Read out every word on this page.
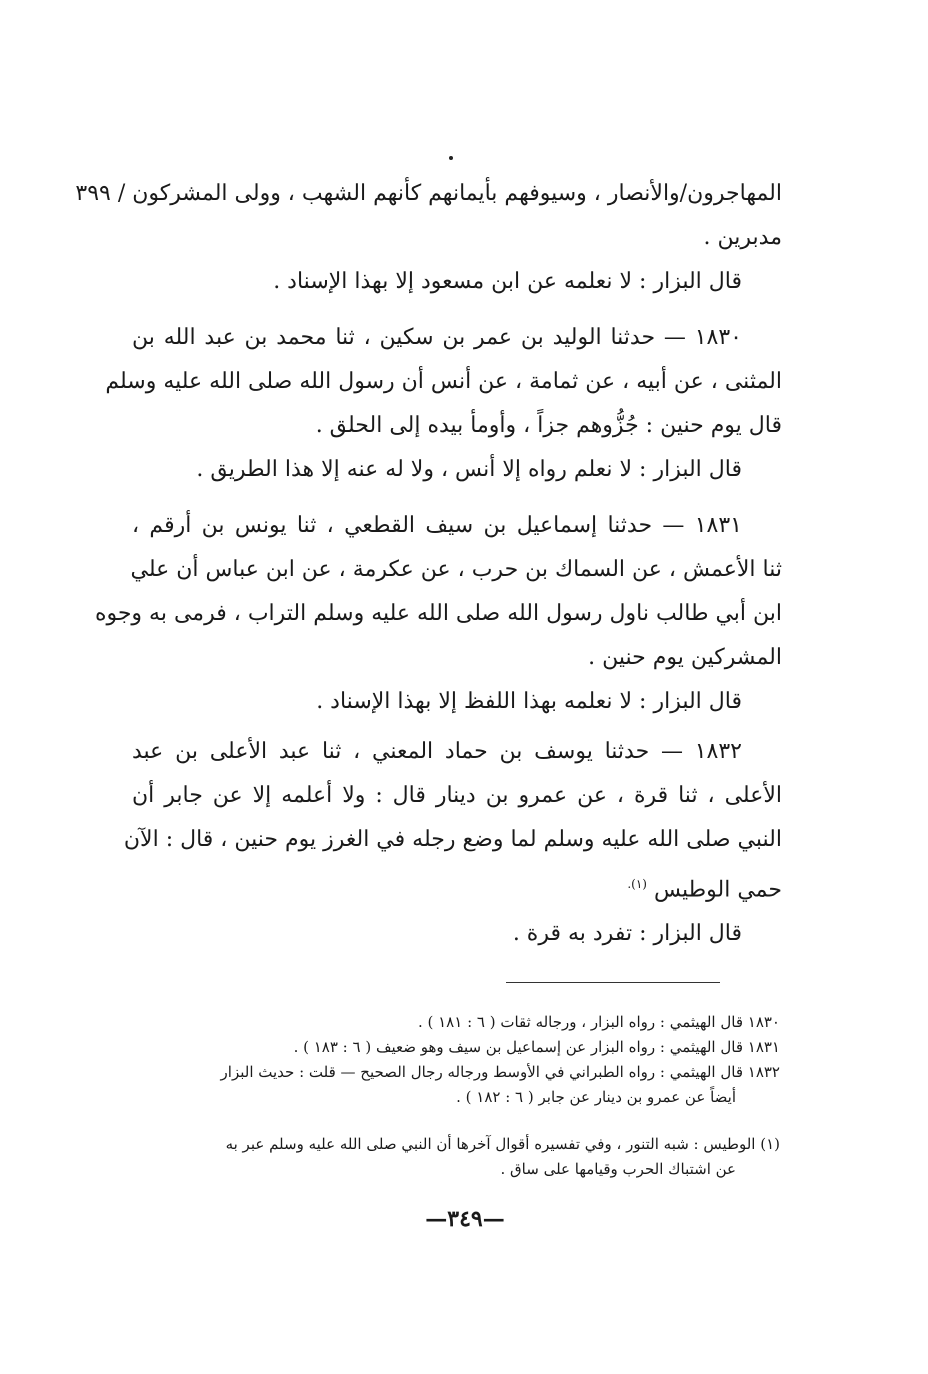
المهاجرون/والأنصار ، وسيوفهم بأيمانهم كأنهم الشهب ، وولى المشركون / ٣٩٩
مدبرين .
قال البزار : لا نعلمه عن ابن مسعود إلا بهذا الإسناد .
١٨٣٠ — حدثنا الوليد بن عمر بن سكين ، ثنا محمد بن عبد الله بن
المثنى ، عن أبيه ، عن ثمامة ، عن أنس أن رسول الله صلى الله عليه وسلم
قال يوم حنين : جُزُّوهم جزاً ، وأومأ بيده إلى الحلق .
قال البزار : لا نعلم رواه إلا أنس ، ولا له عنه إلا هذا الطريق .
١٨٣١ — حدثنا إسماعيل بن سيف القطعي ، ثنا يونس بن أرقم ،
ثنا الأعمش ، عن السماك بن حرب ، عن عكرمة ، عن ابن عباس أن علي
ابن أبي طالب ناول رسول الله صلى الله عليه وسلم التراب ، فرمى به وجوه
المشركين يوم حنين .
قال البزار : لا نعلمه بهذا اللفظ إلا بهذا الإسناد .
١٨٣٢ — حدثنا يوسف بن حماد المعني ، ثنا عبد الأعلى بن عبد
الأعلى ، ثنا قرة ، عن عمرو بن دينار قال : ولا أعلمه إلا عن جابر أن
النبي صلى الله عليه وسلم لما وضع رجله في الغرز يوم حنين ، قال : الآن
حمي الوطيس $^{(١).}$
قال البزار : تفرد به قرة .
١٨٣٠ قال الهيثمي : رواه البزار ، ورجاله ثقات ( ٦ : ١٨١ ) .
١٨٣١ قال الهيثمي : رواه البزار عن إسماعيل بن سيف وهو ضعيف ( ٦ : ١٨٣ ) .
١٨٣٢ قال الهيثمي : رواه الطبراني في الأوسط ورجاله رجال الصحيح — قلت : حديث البزار
أيضاً عن عمرو بن دينار عن جابر ( ٦ : ١٨٢ ) .
(١) الوطيس : شبه التنور ، وفي تفسيره أقوال آخرها أن النبي صلى الله عليه وسلم عبر به
عن اشتباك الحرب وقيامها على ساق .
—٣٤٩—
